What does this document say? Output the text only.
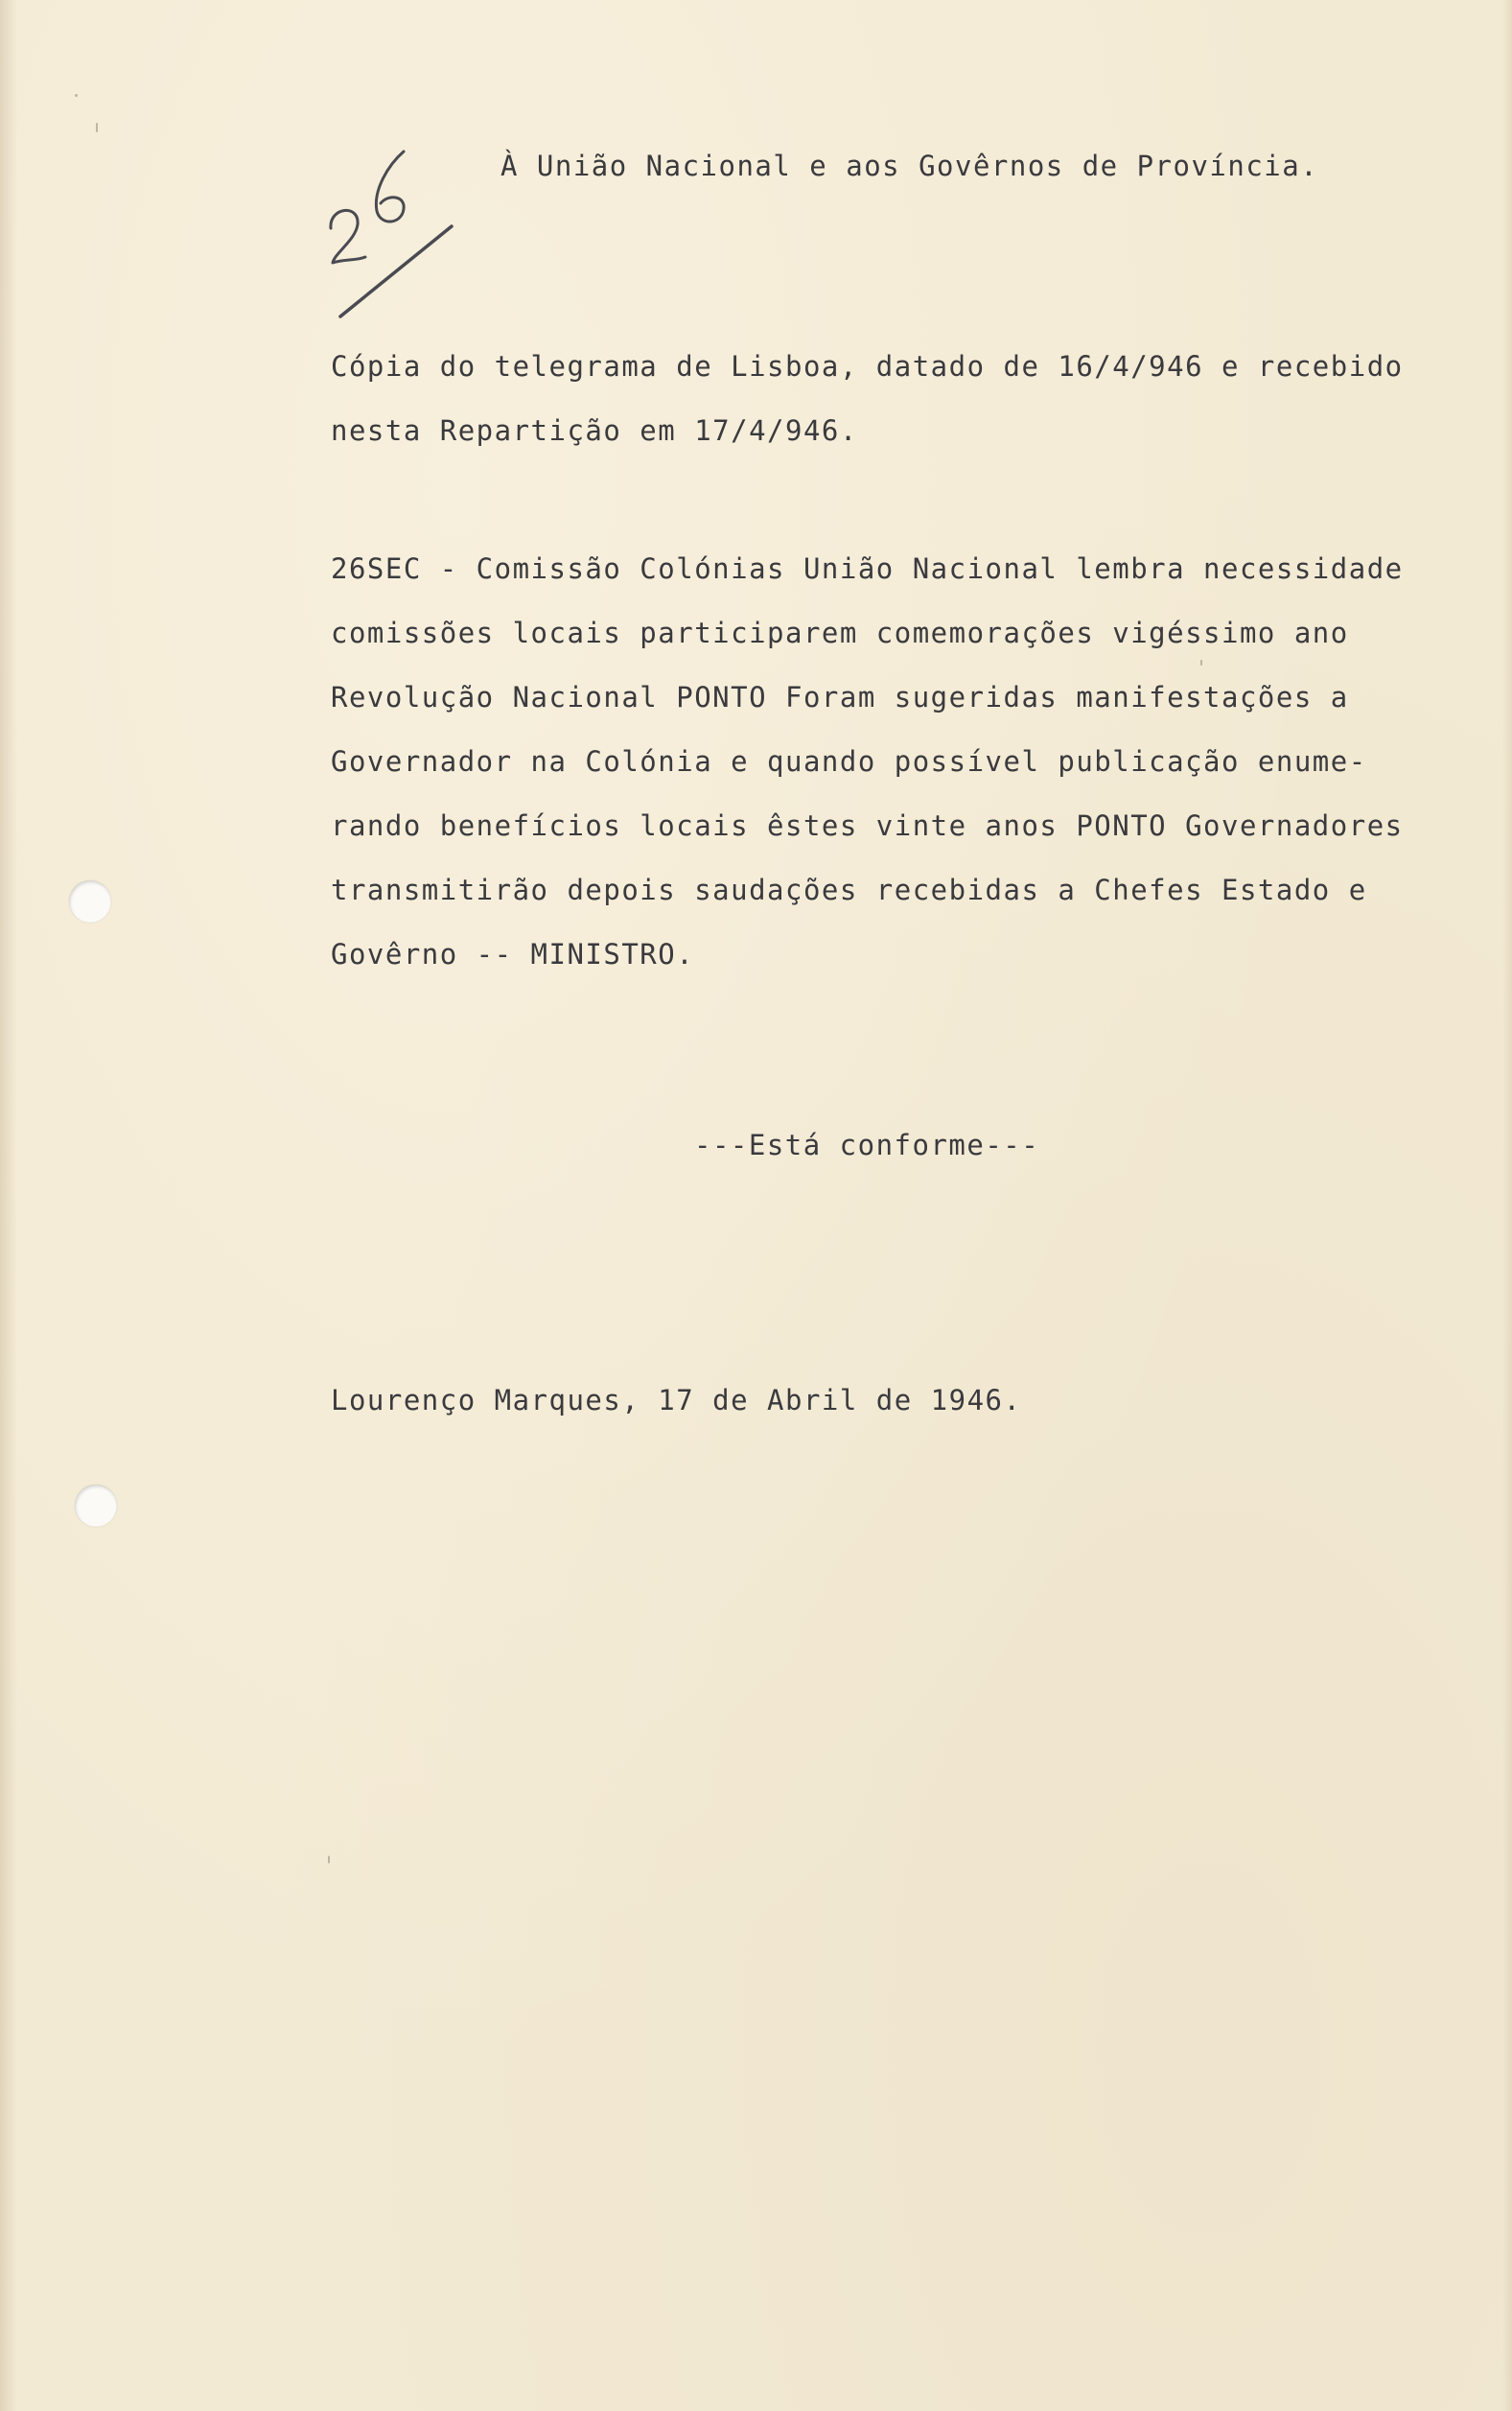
À União Nacional e aos Govêrnos de Província.

Cópia do telegrama de Lisboa, datado de 16/4/946 e recebido

nesta Repartição em 17/4/946.

26SEC - Comissão Colónias União Nacional lembra necessidade

comissões locais participarem comemorações vigéssimo ano

Revolução Nacional PONTO Foram sugeridas manifestações a

Governador na Colónia e quando possível publicação enume-

rando benefícios locais êstes vinte anos PONTO Governadores

transmitirão depois saudações recebidas a Chefes Estado e

Govêrno -- MINISTRO.

---Está conforme---

Lourenço Marques, 17 de Abril de 1946.
